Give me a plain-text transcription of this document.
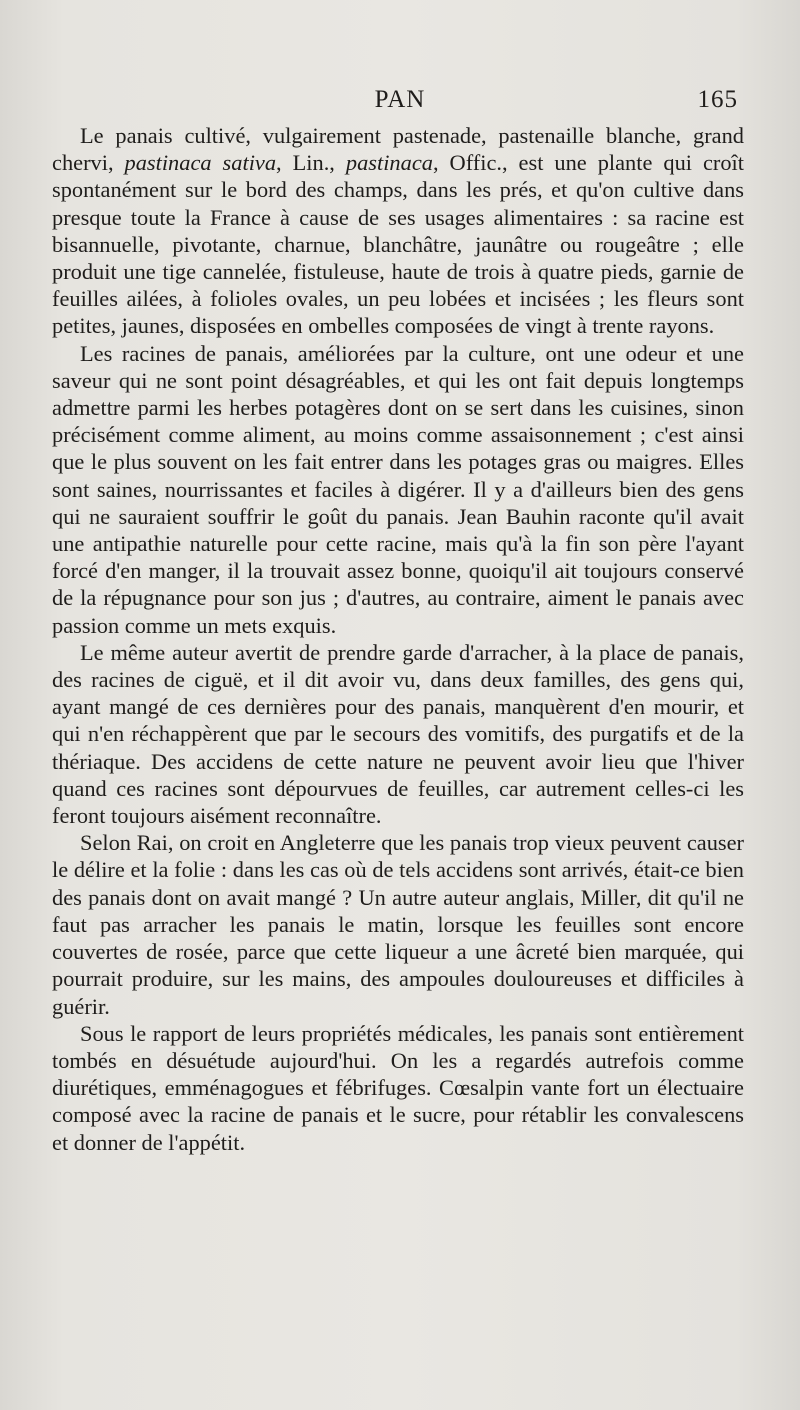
PAN	165

Le panais cultivé, vulgairement pastenade, pastenaille blanche, grand chervi, pastinaca sativa, Lin., pastinaca, Offic., est une plante qui croît spontanément sur le bord des champs, dans les prés, et qu'on cultive dans presque toute la France à cause de ses usages alimentaires : sa racine est bisannuelle, pivotante, charnue, blanchâtre, jaunâtre ou rougeâtre ; elle produit une tige cannelée, fistuleuse, haute de trois à quatre pieds, garnie de feuilles ailées, à folioles ovales, un peu lobées et incisées ; les fleurs sont petites, jaunes, disposées en ombelles composées de vingt à trente rayons.

Les racines de panais, améliorées par la culture, ont une odeur et une saveur qui ne sont point désagréables, et qui les ont fait depuis longtemps admettre parmi les herbes potagères dont on se sert dans les cuisines, sinon précisément comme aliment, au moins comme assaisonnement ; c'est ainsi que le plus souvent on les fait entrer dans les potages gras ou maigres. Elles sont saines, nourrissantes et faciles à digérer. Il y a d'ailleurs bien des gens qui ne sauraient souffrir le goût du panais. Jean Bauhin raconte qu'il avait une antipathie naturelle pour cette racine, mais qu'à la fin son père l'ayant forcé d'en manger, il la trouvait assez bonne, quoiqu'il ait toujours conservé de la répugnance pour son jus ; d'autres, au contraire, aiment le panais avec passion comme un mets exquis.

Le même auteur avertit de prendre garde d'arracher, à la place de panais, des racines de ciguë, et il dit avoir vu, dans deux familles, des gens qui, ayant mangé de ces dernières pour des panais, manquèrent d'en mourir, et qui n'en réchappèrent que par le secours des vomitifs, des purgatifs et de la thériaque. Des accidens de cette nature ne peuvent avoir lieu que l'hiver quand ces racines sont dépourvues de feuilles, car autrement celles-ci les feront toujours aisément reconnaître.

Selon Rai, on croit en Angleterre que les panais trop vieux peuvent causer le délire et la folie : dans les cas où de tels accidens sont arrivés, était-ce bien des panais dont on avait mangé ? Un autre auteur anglais, Miller, dit qu'il ne faut pas arracher les panais le matin, lorsque les feuilles sont encore couvertes de rosée, parce que cette liqueur a une âcreté bien marquée, qui pourrait produire, sur les mains, des ampoules douloureuses et difficiles à guérir.

Sous le rapport de leurs propriétés médicales, les panais sont entièrement tombés en désuétude aujourd'hui. On les a regardés autrefois comme diurétiques, emménagogues et fébrifuges. Cœsalpin vante fort un électuaire composé avec la racine de panais et le sucre, pour rétablir les convalescens et donner de l'appétit.
